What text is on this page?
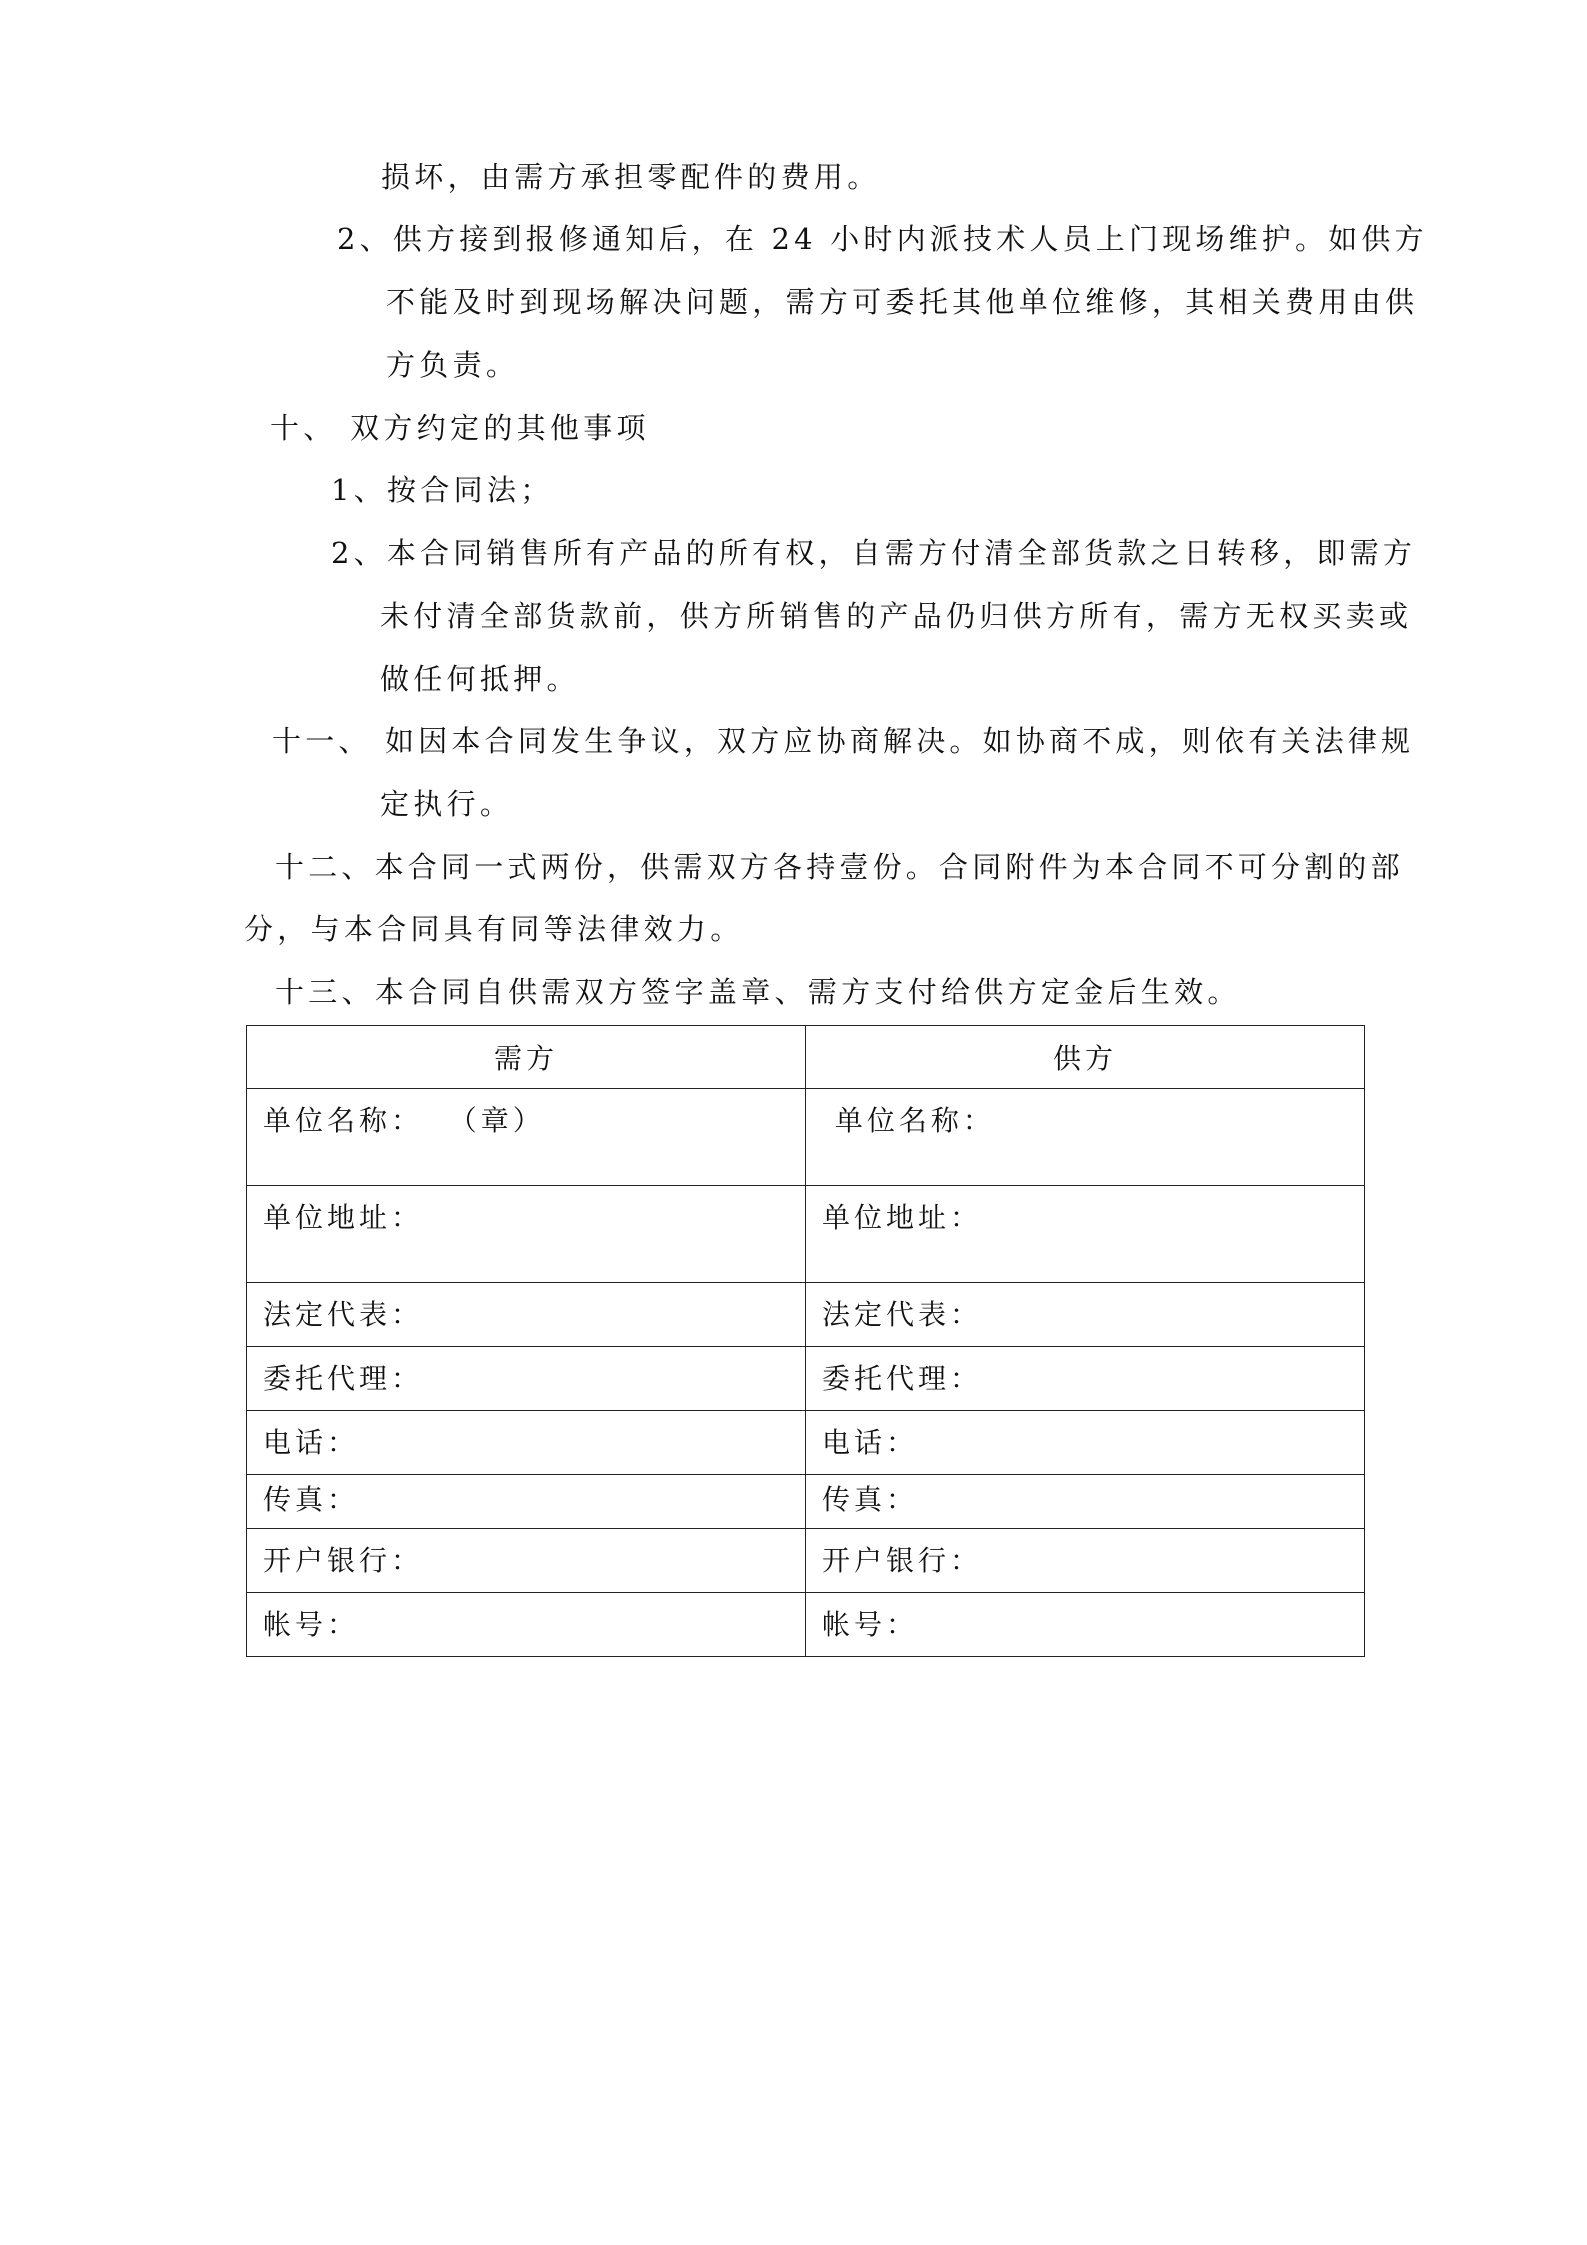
损坏，由需方承担零配件的费用。
2、供方接到报修通知后，在 24 小时内派技术人员上门现场维护。如供方
不能及时到现场解决问题，需方可委托其他单位维修，其相关费用由供
方负责。
十、 双方约定的其他事项
1、按合同法；
2、本合同销售所有产品的所有权，自需方付清全部货款之日转移，即需方
未付清全部货款前，供方所销售的产品仍归供方所有，需方无权买卖或
做任何抵押。
十一、 如因本合同发生争议，双方应协商解决。如协商不成，则依有关法律规
定执行。
十二、本合同一式两份，供需双方各持壹份。合同附件为本合同不可分割的部
分，与本合同具有同等法律效力。
十三、本合同自供需双方签字盖章、需方支付给供方定金后生效。
需方	供方

单位名称：  （章）	单位名称：

单位地址：	单位地址：

法定代表：	法定代表：

委托代理：	委托代理：

电话：	电话：

传真：	传真：

开户银行：	开户银行：

帐号：	帐号：
